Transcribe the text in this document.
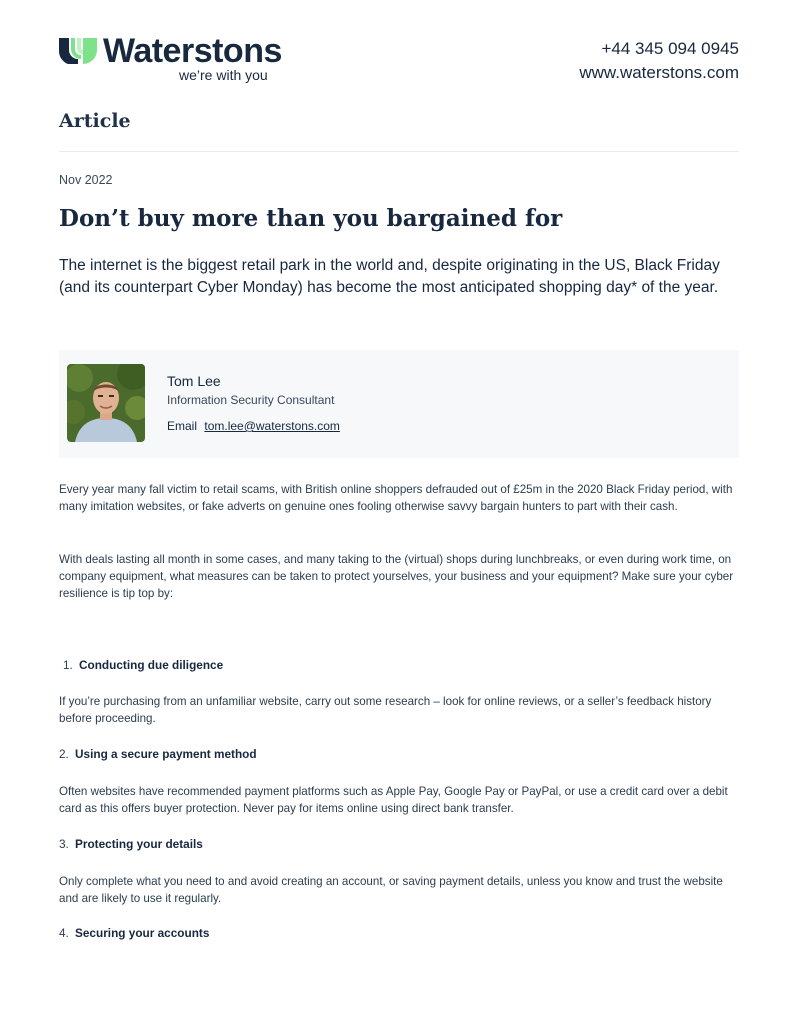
Waterstons
we’re with you
+44 345 094 0945
www.waterstons.com
Article
Nov 2022
Don’t buy more than you bargained for

The internet is the biggest retail park in the world and, despite originating in the US, Black Friday (and its counterpart Cyber Monday) has become the most anticipated shopping day* of the year.

Tom Lee
Information Security Consultant
Email tom.lee@waterstons.com

Every year many fall victim to retail scams, with British online shoppers defrauded out of £25m in the 2020 Black Friday period, with many imitation websites, or fake adverts on genuine ones fooling otherwise savvy bargain hunters to part with their cash.

With deals lasting all month in some cases, and many taking to the (virtual) shops during lunchbreaks, or even during work time, on company equipment, what measures can be taken to protect yourselves, your business and your equipment? Make sure your cyber resilience is tip top by:

1. Conducting due diligence

If you’re purchasing from an unfamiliar website, carry out some research – look for online reviews, or a seller’s feedback history before proceeding.

2. Using a secure payment method

Often websites have recommended payment platforms such as Apple Pay, Google Pay or PayPal, or use a credit card over a debit card as this offers buyer protection. Never pay for items online using direct bank transfer.

3. Protecting your details

Only complete what you need to and avoid creating an account, or saving payment details, unless you know and trust the website and are likely to use it regularly.

4. Securing your accounts
